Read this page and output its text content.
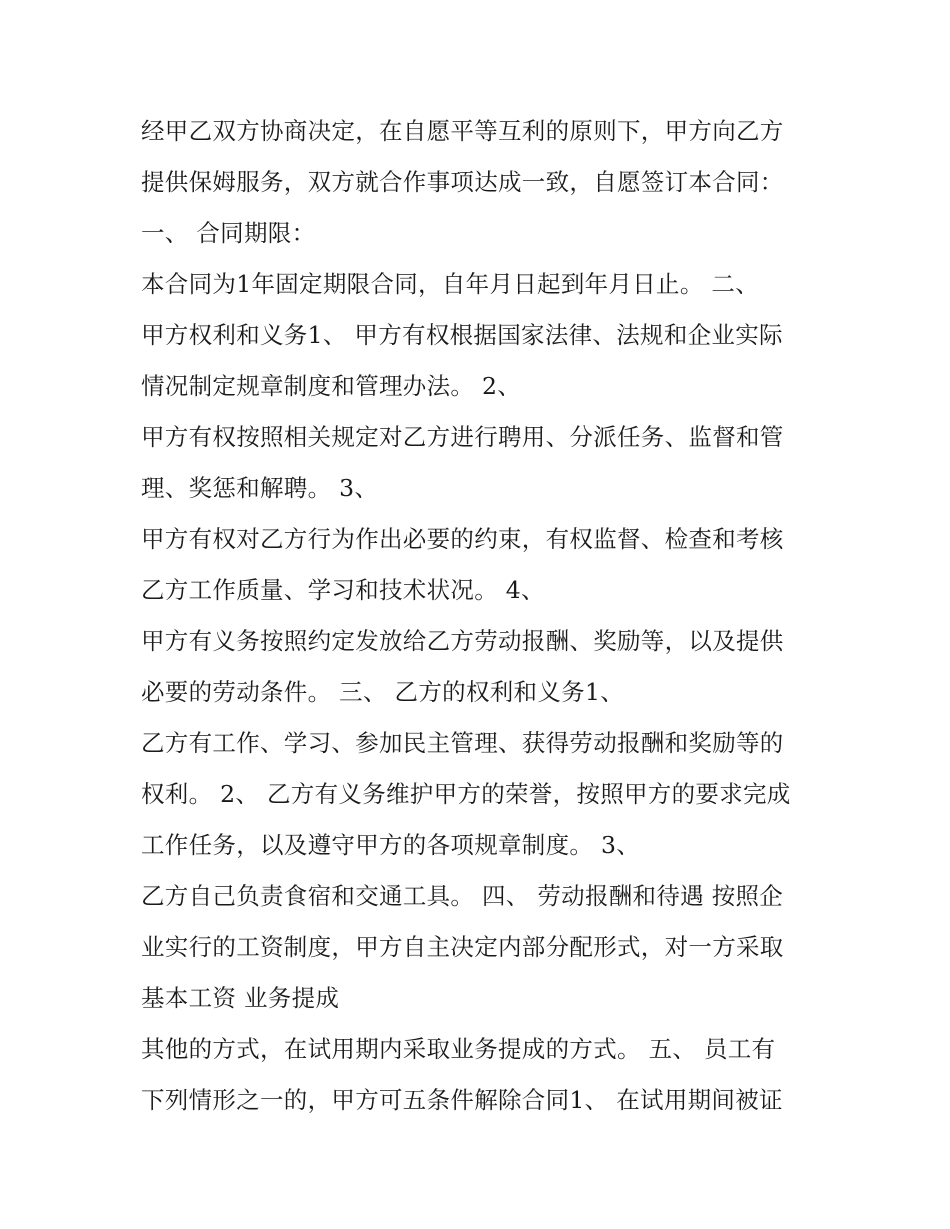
经甲乙双方协商决定，在自愿平等互利的原则下，甲方向乙方
提供保姆服务，双方就合作事项达成一致，自愿签订本合同：
一、 合同期限：
本合同为1年固定期限合同，自年月日起到年月日止。 二、
甲方权利和义务1、 甲方有权根据国家法律、法规和企业实际
情况制定规章制度和管理办法。 2、
甲方有权按照相关规定对乙方进行聘用、分派任务、监督和管
理、奖惩和解聘。 3、
甲方有权对乙方行为作出必要的约束，有权监督、检查和考核
乙方工作质量、学习和技术状况。 4、
甲方有义务按照约定发放给乙方劳动报酬、奖励等，以及提供
必要的劳动条件。 三、 乙方的权利和义务1、
乙方有工作、学习、参加民主管理、获得劳动报酬和奖励等的
权利。 2、 乙方有义务维护甲方的荣誉，按照甲方的要求完成
工作任务，以及遵守甲方的各项规章制度。 3、
乙方自己负责食宿和交通工具。 四、 劳动报酬和待遇 按照企
业实行的工资制度，甲方自主决定内部分配形式，对一方采取
基本工资 业务提成
其他的方式，在试用期内采取业务提成的方式。 五、 员工有
下列情形之一的，甲方可五条件解除合同1、 在试用期间被证
